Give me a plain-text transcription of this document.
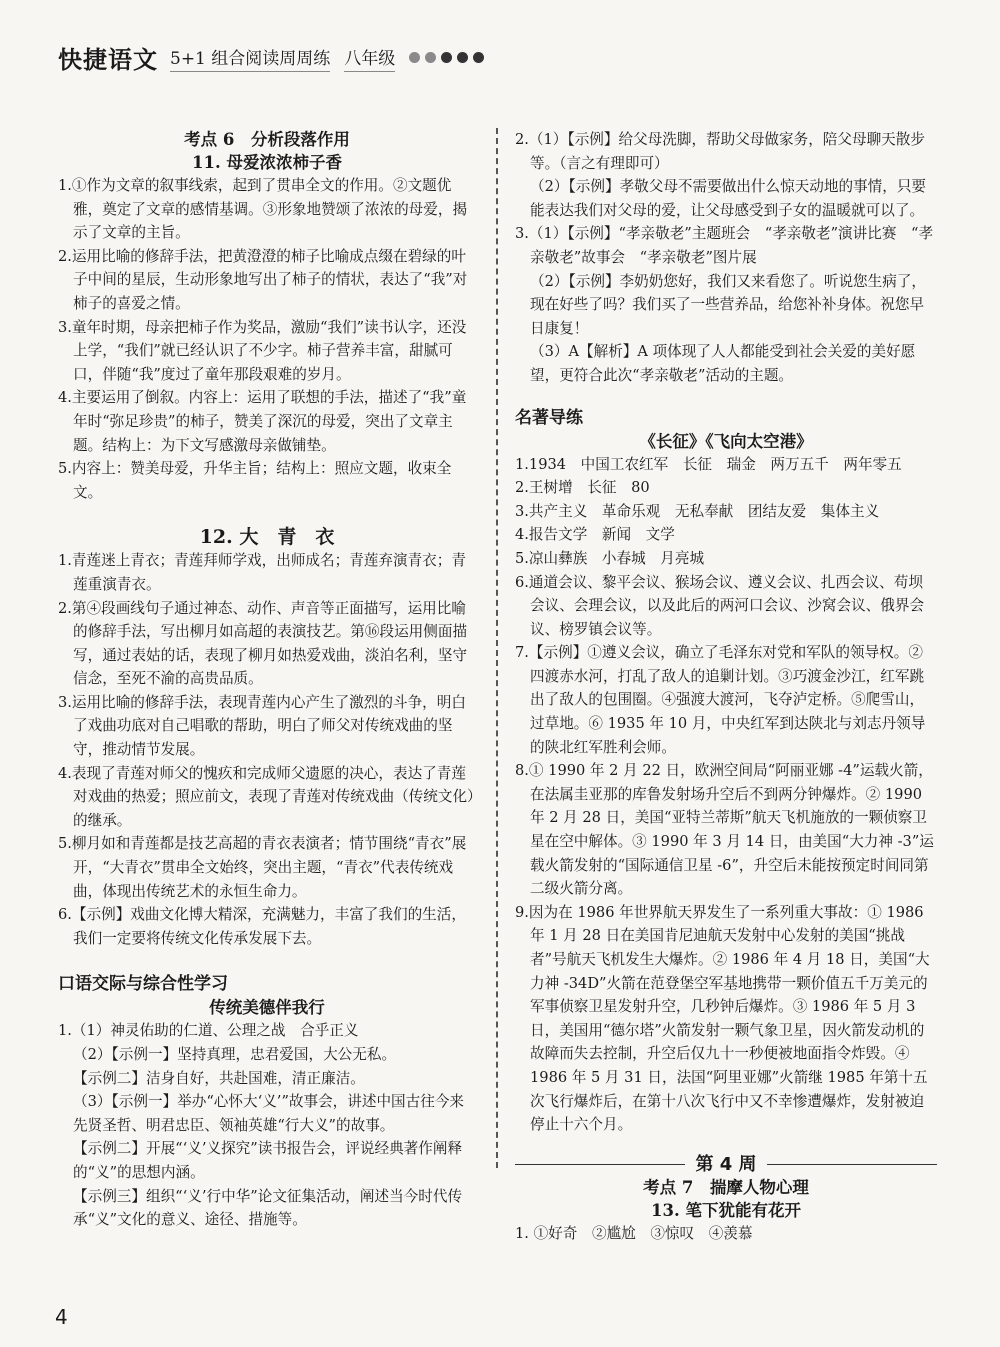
快捷语文 5+1 组合阅读周周练 八年级
考点 6　分析段落作用
11. 母爱浓浓柿子香

1.①作为文章的叙事线索，起到了贯串全文的作用。②文题优雅，奠定了文章的感情基调。③形象地赞颂了浓浓的母爱，揭示了文章的主旨。

2.运用比喻的修辞手法，把黄澄澄的柿子比喻成点缀在碧绿的叶子中间的星辰，生动形象地写出了柿子的情状，表达了“我”对柿子的喜爱之情。

3.童年时期，母亲把柿子作为奖品，激励“我们”读书认字，还没上学，“我们”就已经认识了不少字。柿子营养丰富，甜腻可口，伴随“我”度过了童年那段艰难的岁月。

4.主要运用了倒叙。内容上：运用了联想的手法，描述了“我”童年时“弥足珍贵”的柿子，赞美了深沉的母爱，突出了文章主题。结构上：为下文写感激母亲做铺垫。

5.内容上：赞美母爱，升华主旨；结构上：照应文题，收束全文。

12. 大　青　衣

1.青莲迷上青衣；青莲拜师学戏，出师成名；青莲弃演青衣；青莲重演青衣。

2.第④段画线句子通过神态、动作、声音等正面描写，运用比喻的修辞手法，写出柳月如高超的表演技艺。第⑯段运用侧面描写，通过表姑的话，表现了柳月如热爱戏曲，淡泊名利，坚守信念，至死不渝的高贵品质。

3.运用比喻的修辞手法，表现青莲内心产生了激烈的斗争，明白了戏曲功底对自己唱歌的帮助，明白了师父对传统戏曲的坚守，推动情节发展。

4.表现了青莲对师父的愧疚和完成师父遗愿的决心，表达了青莲对戏曲的热爱；照应前文，表现了青莲对传统戏曲（传统文化）的继承。

5.柳月如和青莲都是技艺高超的青衣表演者；情节围绕“青衣”展开，“大青衣”贯串全文始终，突出主题，“青衣”代表传统戏曲，体现出传统艺术的永恒生命力。

6.【示例】戏曲文化博大精深，充满魅力，丰富了我们的生活，我们一定要将传统文化传承发展下去。

口语交际与综合性学习
传统美德伴我行

1.（1）神灵佑助的仁道、公理之战　合乎正义

（2）【示例一】坚持真理，忠君爱国，大公无私。

【示例二】洁身自好，共赴国难，清正廉洁。

（3）【示例一】举办“心怀大‘义’”故事会，讲述中国古往今来先贤圣哲、明君忠臣、领袖英雄“行大义”的故事。

【示例二】开展“‘义’义探究”读书报告会，评说经典著作阐释的“义”的思想内涵。

【示例三】组织“‘义’行中华”论文征集活动，阐述当今时代传承“义”文化的意义、途径、措施等。

2.（1）【示例】给父母洗脚，帮助父母做家务，陪父母聊天散步等。（言之有理即可）

（2）【示例】孝敬父母不需要做出什么惊天动地的事情，只要能表达我们对父母的爱，让父母感受到子女的温暖就可以了。

3.（1）【示例】“孝亲敬老”主题班会　“孝亲敬老”演讲比赛　“孝亲敬老”故事会　“孝亲敬老”图片展

（2）【示例】李奶奶您好，我们又来看您了。听说您生病了，现在好些了吗？我们买了一些营养品，给您补补身体。祝您早日康复！

（3）A【解析】A 项体现了人人都能受到社会关爱的美好愿望，更符合此次“孝亲敬老”活动的主题。

名著导练
《长征》《飞向太空港》

1.1934　中国工农红军　长征　瑞金　两万五千　两年零五

2.王树增　长征　80

3.共产主义　革命乐观　无私奉献　团结友爱　集体主义

4.报告文学　新闻　文学

5.凉山彝族　小春城　月亮城

6.通道会议、黎平会议、猴场会议、遵义会议、扎西会议、苟坝会议、会理会议，以及此后的两河口会议、沙窝会议、俄界会议、榜罗镇会议等。

7.【示例】①遵义会议，确立了毛泽东对党和军队的领导权。②四渡赤水河，打乱了敌人的追剿计划。③巧渡金沙江，红军跳出了敌人的包围圈。④强渡大渡河，飞夺泸定桥。⑤爬雪山，过草地。⑥ 1935 年 10 月，中央红军到达陕北与刘志丹领导的陕北红军胜利会师。

8.① 1990 年 2 月 22 日，欧洲空间局“阿丽亚娜 -4”运载火箭，在法属圭亚那的库鲁发射场升空后不到两分钟爆炸。② 1990 年 2 月 28 日，美国“亚特兰蒂斯”航天飞机施放的一颗侦察卫星在空中解体。③ 1990 年 3 月 14 日，由美国“大力神 -3”运载火箭发射的“国际通信卫星 -6”，升空后未能按预定时间同第二级火箭分离。

9.因为在 1986 年世界航天界发生了一系列重大事故：① 1986 年 1 月 28 日在美国肯尼迪航天发射中心发射的美国“挑战者”号航天飞机发生大爆炸。② 1986 年 4 月 18 日，美国“大力神 -34D”火箭在范登堡空军基地携带一颗价值五千万美元的军事侦察卫星发射升空，几秒钟后爆炸。③ 1986 年 5 月 3 日，美国用“德尔塔”火箭发射一颗气象卫星，因火箭发动机的故障而失去控制，升空后仅九十一秒便被地面指令炸毁。④ 1986 年 5 月 31 日，法国“阿里亚娜”火箭继 1985 年第十五次飞行爆炸后，在第十八次飞行中又不幸惨遭爆炸，发射被迫停止十六个月。

第 4 周
考点 7　揣摩人物心理
13. 笔下犹能有花开

1. ①好奇　②尴尬　③惊叹　④羡慕

4
